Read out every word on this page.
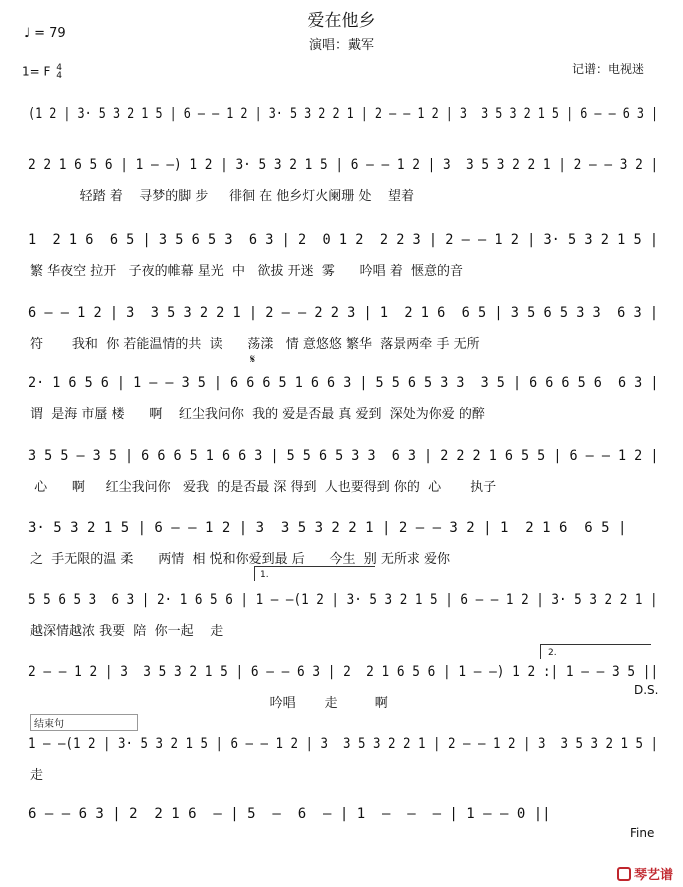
爱在他乡
演唱：戴军
♩ = 79
1= F 4
4	记谱：电视迷
(1 2 | 3· 5 3 2 1 5 | 6 — — 1 2 | 3· 5 3 2 2 1 | 2 — — 1 2 | 3  3 5 3 2 1 5 | 6 — — 6 3 |
2 2 1 6 5 6 | 1 — —) 1 2 | 3· 5 3 2 1 5 | 6 — — 1 2 | 3  3 5 3 2 2 1 | 2 — — 3 2 |
轻踏 着    寻梦的脚 步     徘徊 在 他乡灯火阑珊 处    望着
1  2 1 6  6 5 | 3 5 6 5 3  6 3 | 2  0 1 2  2 2 3 | 2 — — 1 2 | 3· 5 3 2 1 5 |
繁 华夜空 拉开   子夜的帷幕 星光  中   欲拔 开迷  雾      吟唱 着  惬意的音
6 — — 1 2 | 3  3 5 3 2 2 1 | 2 — — 2 2 3 | 1  2 1 6  6 5 | 3 5 6 5 3 3  6 3 |
符       我和  你 若能温情的共  读      荡漾   情 意悠悠 繁华  落景两牵 手 无所
2· 1 6 5 6 | 1 — — 3 5 | 6 6 6 5 1 6 6 3 | 5 5 6 5 3 3  3 5 | 6 6 6 5 6  6 3 |
谓  是海 市蜃 楼      啊    红尘我问你  我的 爱是否最 真 爱到  深处为你爱 的醉
3 5 5 — 3 5 | 6 6 6 5 1 6 6 3 | 5 5 6 5 3 3  6 3 | 2 2 2 1 6 5 5 | 6 — — 1 2 |
心      啊     红尘我问你   爱我  的是否最 深 得到  人也要得到 你的  心       执子
3· 5 3 2 1 5 | 6 — — 1 2 | 3  3 5 3 2 2 1 | 2 — — 3 2 | 1  2 1 6  6 5 |
之  手无限的温 柔      两情  相 悦和你爱到最 后      今生  别 无所求 爱你
5 5 6 5 3  6 3 | 2· 1 6 5 6 | 1 — —(1 2 | 3· 5 3 2 1 5 | 6 — — 1 2 | 3· 5 3 2 2 1 |
越深情越浓 我要  陪  你一起    走
2 — — 1 2 | 3  3 5 3 2 1 5 | 6 — — 6 3 | 2  2 1 6 5 6 | 1 — —) 1 2 :| 1 — — 3 5 ||
吟唱       走         啊
1 — —(1 2 | 3· 5 3 2 1 5 | 6 — — 1 2 | 3  3 5 3 2 2 1 | 2 — — 1 2 | 3  3 5 3 2 1 5 |
走
6 — — 6 3 | 2  2 1 6  — | 5  —  6  — | 1  —  —  — | 1 — — 0 ||
1.
2.
D.S.
Fine
结束句
𝄋
琴艺谱
